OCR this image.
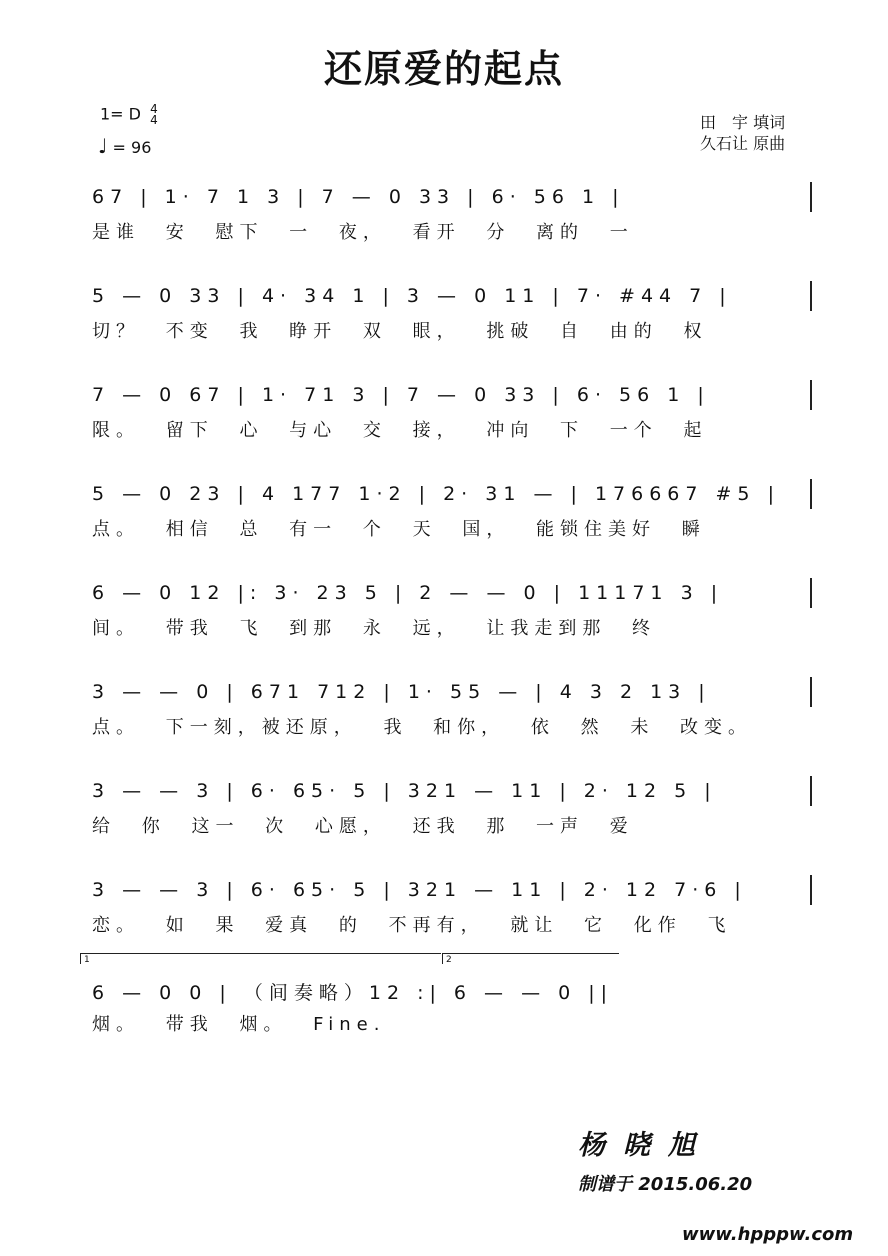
还原爱的起点
1= D 4
4
♩ = 96
田　宇 填词
久石让 原曲
67 | 1· 7 1 3 | 7 — 0 33 | 6· 56 1 |
是谁 安 慰下 一 夜， 看开 分 离的 一
5 — 0 33 | 4· 34 1 | 3 — 0 11 | 7· #44 7 |
切？ 不变 我 睁开 双 眼， 挑破 自 由的 权
7 — 0 67 | 1· 71 3 | 7 — 0 33 | 6· 56 1 |
限。 留下 心 与心 交 接， 冲向 下 一个 起
5 — 0 23 | 4 177 1·2 | 2· 31 — | 176667 #5 |
点。 相信 总 有一 个 天 国， 能锁住美好 瞬
6 — 0 12 |: 3· 23 5 | 2 — — 0 | 11171 3 |
间。 带我 飞 到那 永 远， 让我走到那 终
3 — — 0 | 671 712 | 1· 55 — | 4 3 2 13 |
点。 下一刻，被还原， 我 和你， 依 然 未 改变。
3 — — 3 | 6· 65· 5 | 321 — 11 | 2· 12 5 |
给 你 这一 次 心愿， 还我 那 一声 爱
3 — — 3 | 6· 65· 5 | 321 — 11 | 2· 12 7·6 |
恋。 如 果 爱真 的 不再有， 就让 它 化作 飞
6 — 0 0 | （间奏略）12 :| 6 — — 0 ||
烟。 带我 烟。 Fine.
1	2
杨晓旭
制谱于 2015.06.20
www.hpppw.com
